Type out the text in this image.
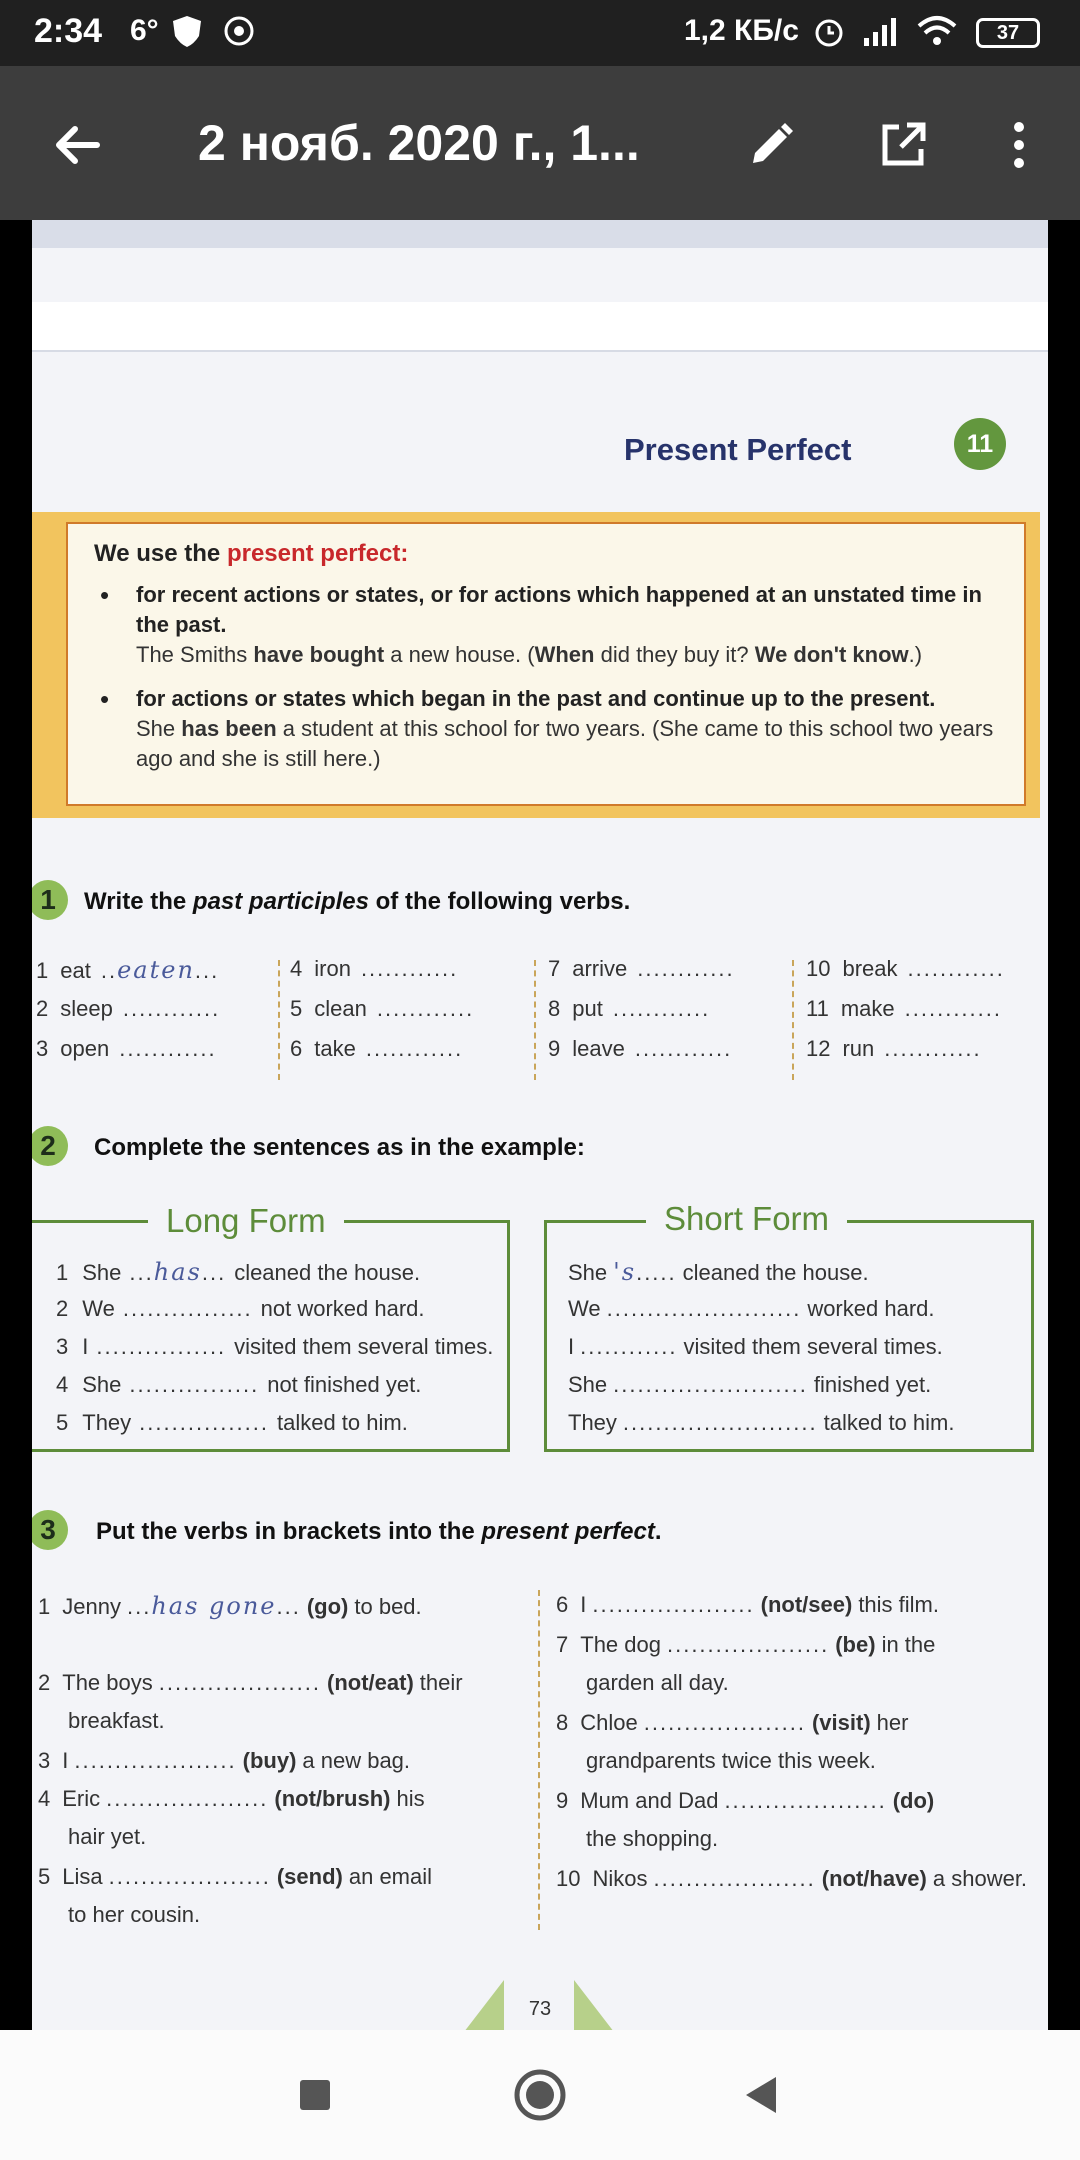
2:34 6°	1,2 КБ/с	37
2 нояб. 2020 г., 1...
Present Perfect	11
We use the present perfect:
• for recent actions or states, or for actions which happened at an unstated time in the past.
The Smiths have bought a new house. (When did they buy it? We don't know.)
• for actions or states which began in the past and continue up to the present.
She has been a student at this school for two years. (She came to this school two years ago and she is still here.)
1	Write the past participles of the following verbs.
1 eat ..eaten...
2 sleep ............
3 open ............
4 iron ............
5 clean ............
6 take ............
7 arrive ............
8 put ............
9 leave ............
10 break ............
11 make ............
12 run ............
2	Complete the sentences as in the example:
Long Form	Short Form
1 She ...has... cleaned the house.
2 We ................ not worked hard.
3 I ................ visited them several times.
4 She ................ not finished yet.
5 They ................ talked to him.
She 's..... cleaned the house.
We ........................ worked hard.
I ............ visited them several times.
She ........................ finished yet.
They ........................ talked to him.
3	Put the verbs in brackets into the present perfect.
1 Jenny ...has gone... (go) to bed.
2 The boys .................... (not/eat) their
breakfast.
3 I .................... (buy) a new bag.
4 Eric .................... (not/brush) his
hair yet.
5 Lisa .................... (send) an email
to her cousin.
6 I .................... (not/see) this film.
7 The dog .................... (be) in the
garden all day.
8 Chloe .................... (visit) her
grandparents twice this week.
9 Mum and Dad .................... (do)
the shopping.
10 Nikos .................... (not/have) a shower.
73
